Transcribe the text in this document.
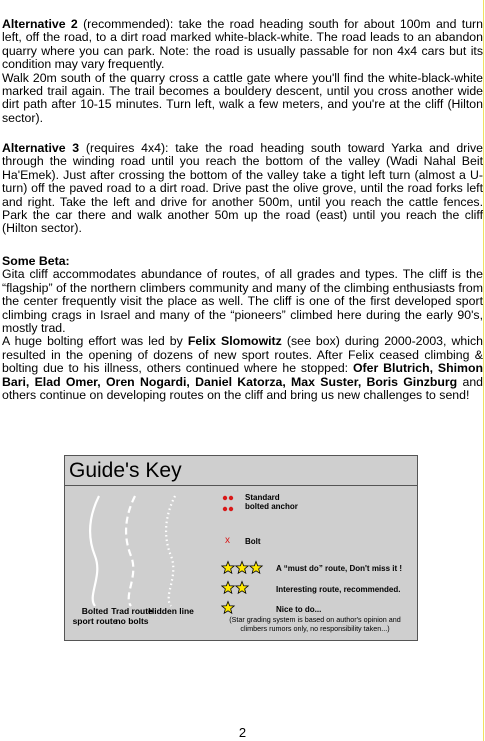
Alternative 2 (recommended): take the road heading south for about 100m and turn left, off the road, to a dirt road marked white-black-white. The road leads to an abandon quarry where you can park. Note: the road is usually passable for non 4x4 cars but its condition may vary frequently.

Walk 20m south of the quarry cross a cattle gate where you'll find the white-black-white marked trail again. The trail becomes a bouldery descent, until you cross another wide dirt path after 10-15 minutes. Turn left, walk a few meters, and you're at the cliff (Hilton sector).

Alternative 3 (requires 4x4): take the road heading south toward Yarka and drive through the winding road until you reach the bottom of the valley (Wadi Nahal Beit Ha'Emek). Just after crossing the bottom of the valley take a tight left turn (almost a U-turn) off the paved road to a dirt road. Drive past the olive grove, until the road forks left and right. Take the left and drive for another 500m, until you reach the cattle fences. Park the car there and walk another 50m up the road (east) until you reach the cliff (Hilton sector).

Some Beta:

Gita cliff accommodates abundance of routes, of all grades and types. The cliff is the “flagship” of the northern climbers community and many of the climbing enthusiasts from the center frequently visit the place as well. The cliff is one of the first developed sport climbing crags in Israel and many of the “pioneers” climbed here during the early 90's, mostly trad.

A huge bolting effort was led by Felix Slomowitz (see box) during 2000-2003, which resulted in the opening of dozens of new sport routes. After Felix ceased climbing & bolting due to his illness, others continued where he stopped: Ofer Blutrich, Shimon Bari, Elad Omer, Oren Nogardi, Daniel Katorza, Max Suster, Boris Ginzburg and others continue on developing routes on the cliff and bring us new challenges to send!

Guide's Key
Bolted sport route
Trad route no bolts
Hidden line
Standard bolted anchor
x Bolt
A “must do” route, Don't miss it !
Interesting route, recommended.
Nice to do...
(Star grading system is based on author's opinion and climbers rumors only, no responsibility taken...)
2
